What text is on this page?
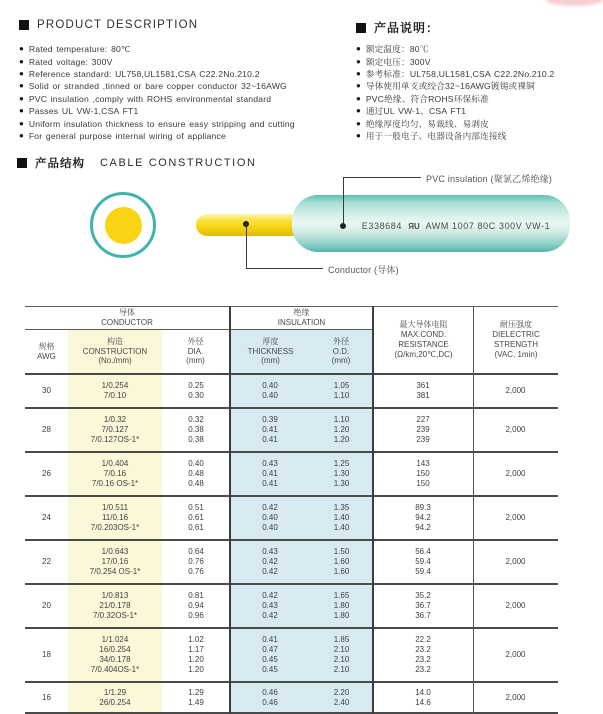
PRODUCT DESCRIPTION
● Rated temperature: 80℃
● Rated voltage: 300V
● Reference standard: UL758,UL1581,CSA C22.2No.210.2
● Solid or stranded ,tinned or bare copper conductor 32~16AWG
● PVC insulation ,comply with ROHS environmental standard
● Passes UL VW-1,CSA FT1
● Uniform insulation thickness to ensure easy stripping and cutting
● For general purpose internal wiring of appliance
产品说明：
● 额定温度：80℃
● 额定电压：300V
● 参考标准：UL758,UL1581,CSA C22.2No.210.2
● 导体使用单支或绞合32~16AWG镀锡或裸铜
● PVC绝缘、符合ROHS环保标准
● 通过UL VW-1、CSA FT1
● 绝缘厚度均匀、易裁线、易剥皮
● 用于一般电子、电器设备内部连接线
产品结构 CABLE CONSTRUCTION
E338684 ЯU AWM 1007 80C 300V VW-1
PVC insulation (聚氯乙烯绝缘)
Conductor (导体)
导体
CONDUCTOR
绝缘
INSULATION
规格
AWG
构造
CONSTRUCTION
(No./mm)
外径
DIA.
(mm)
厚度
THICKNESS
(mm)
外径
O.D.
(mm)
最大导体电阻
MAX.COND.
RESISTANCE
(Ω/km,20℃,DC)
耐压强度
DIELECTRIC
STRENGTH
(VAC, 1min)
30
1/0.254
7/0.10
0.25
0.30
0.40
0.40
1.05
1.10
361
381
2,000
28
1/0.32
7/0.127
7/0.127OS-1*
0.32
0.38
0.38
0.39
0.41
0.41
1.10
1.20
1.20
227
239
239
2,000
26
1/0.404
7/0.16
7/0.16 OS-1*
0.40
0.48
0.48
0.43
0.41
0.41
1.25
1.30
1.30
143
150
150
2,000
24
1/0.511
11/0.16
7/0.203OS-1*
0.51
0.61
0.61
0.42
0.40
0.40
1.35
1.40
1.40
89.3
94.2
94.2
2,000
22
1/0.643
17/0.16
7/0.254 OS-1*
0.64
0.76
0.76
0.43
0.42
0.42
1.50
1.60
1.60
56.4
59.4
59.4
2,000
20
1/0.813
21/0.178
7/0.32OS-1*
0.81
0.94
0.96
0.42
0.43
0.42
1.65
1.80
1.80
35.2
36.7
36.7
2,000
18
1/1.024
16/0.254
34/0.178
7/0.404OS-1*
1.02
1.17
1.20
1.20
0.41
0.47
0.45
0.45
1.85
2.10
2.10
2.10
22.2
23.2
23.2
23.2
2,000
16
1/1.29
26/0.254
1.29
1.49
0.46
0.46
2.20
2.40
14.0
14.6
2,000
